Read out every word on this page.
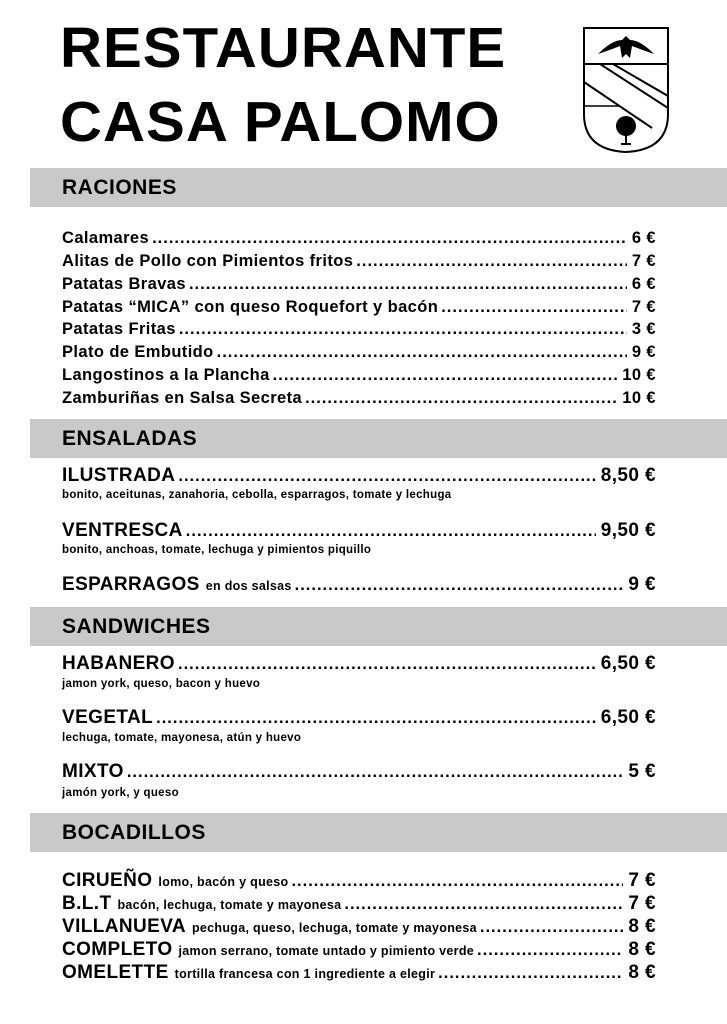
RESTAURANTE
CASA PALOMO
RACIONES
Calamares .....	6 €
Alitas de Pollo con Pimientos fritos .....	7 €
Patatas Bravas .....	6 €
Patatas “MICA” con queso Roquefort y bacón .....	7 €
Patatas Fritas .....	3 €
Plato de Embutido .....	9 €
Langostinos a la Plancha .....	10 €
Zamburiñas en Salsa Secreta .....	10 €
ENSALADAS
ILUSTRADA .....	8,50 €
bonito, aceitunas, zanahoria, cebolla, esparragos, tomate y lechuga
VENTRESCA .....	9,50 €
bonito, anchoas, tomate, lechuga y pimientos piquillo
ESPARRAGOS en dos salsas .....	9 €
SANDWICHES
HABANERO .....	6,50 €
jamon york, queso, bacon y huevo
VEGETAL .....	6,50 €
lechuga, tomate, mayonesa, atún y huevo
MIXTO .....	5 €
jamón york, y queso
BOCADILLOS
CIRUEÑO lomo, bacón y queso .....	7 €
B.L.T bacón, lechuga, tomate y mayonesa .....	7 €
VILLANUEVA pechuga, queso, lechuga, tomate y mayonesa .....	8 €
COMPLETO jamon serrano, tomate untado y pimiento verde .....	8 €
OMELETTE tortilla francesa con 1 ingrediente a elegir .....	8 €
